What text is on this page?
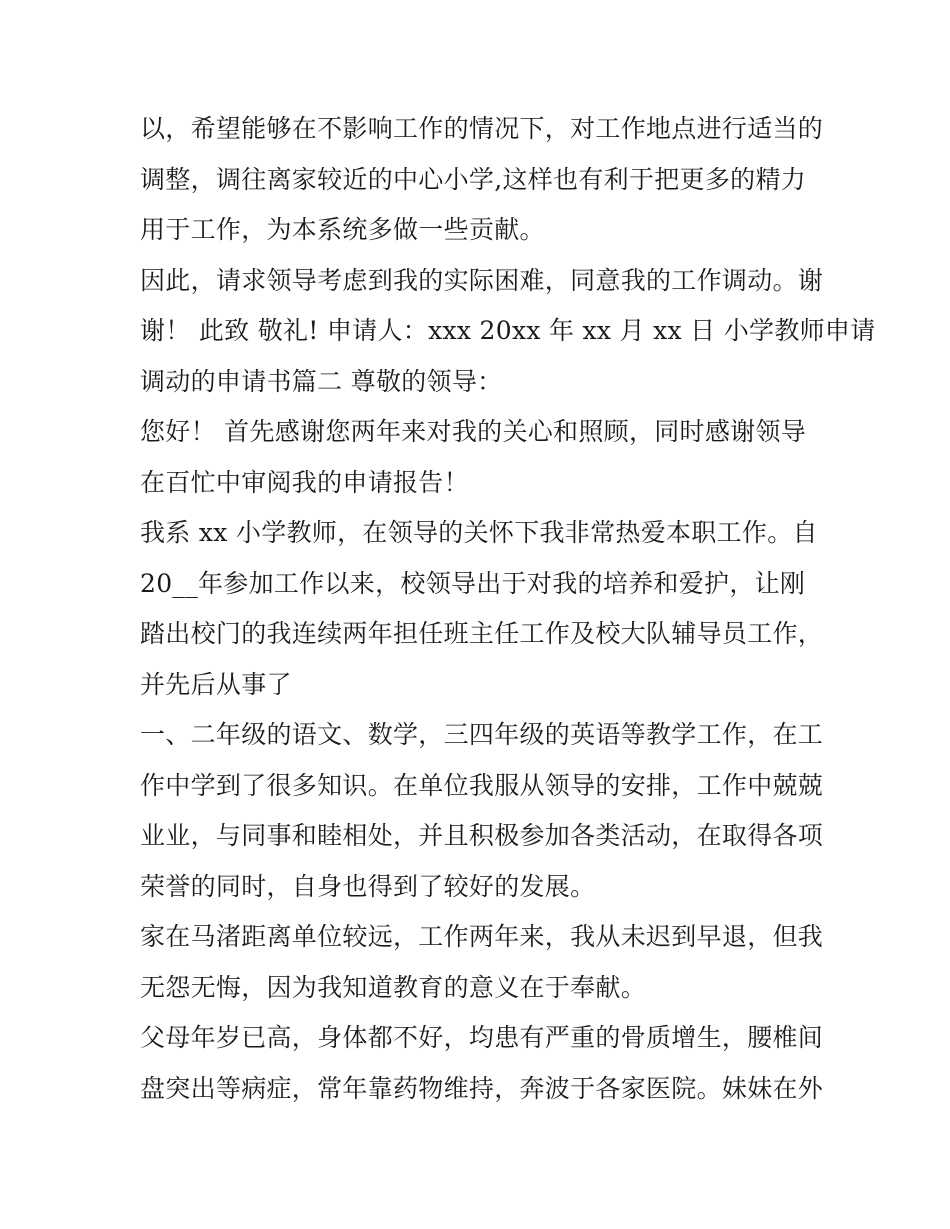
以，希望能够在不影响工作的情况下，对工作地点进行适当的
调整，调往离家较近的中心小学,这样也有利于把更多的精力
用于工作，为本系统多做一些贡献。
因此，请求领导考虑到我的实际困难，同意我的工作调动。谢
谢！ 此致 敬礼! 申请人：xxx 20xx 年 xx 月 xx 日 小学教师申请
调动的申请书篇二 尊敬的领导：
您好！ 首先感谢您两年来对我的关心和照顾，同时感谢领导
在百忙中审阅我的申请报告！
我系 xx 小学教师，在领导的关怀下我非常热爱本职工作。自
20__年参加工作以来，校领导出于对我的培养和爱护，让刚
踏出校门的我连续两年担任班主任工作及校大队辅导员工作，
并先后从事了
一、二年级的语文、数学，三四年级的英语等教学工作，在工
作中学到了很多知识。在单位我服从领导的安排，工作中兢兢
业业，与同事和睦相处，并且积极参加各类活动，在取得各项
荣誉的同时，自身也得到了较好的发展。
家在马渚距离单位较远，工作两年来，我从未迟到早退，但我
无怨无悔，因为我知道教育的意义在于奉献。
父母年岁已高，身体都不好，均患有严重的骨质增生，腰椎间
盘突出等病症，常年靠药物维持，奔波于各家医院。妹妹在外
